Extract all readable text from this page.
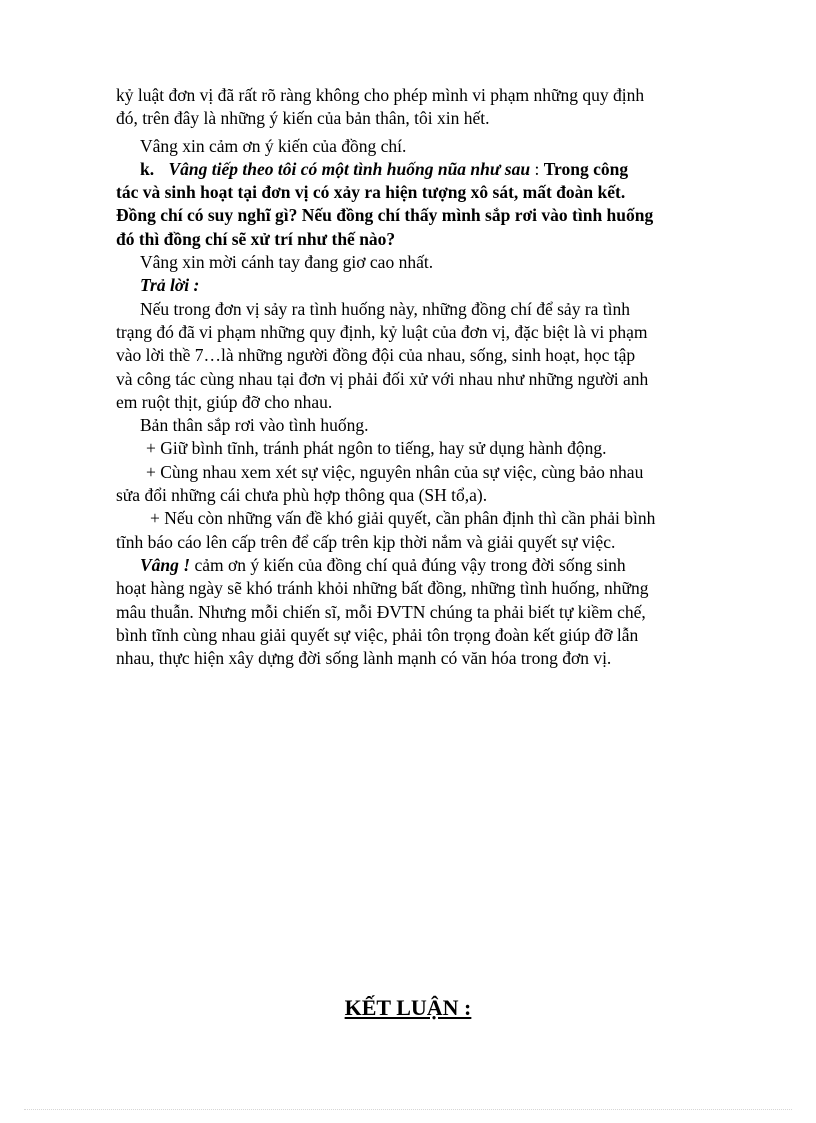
kỷ luật đơn vị đã rất rõ ràng không cho phép mình vi phạm những quy định
đó, trên đây là những ý kiến của bản thân, tôi xin hết.
Vâng xin cảm ơn ý kiến của đồng chí.
k. Vâng tiếp theo tôi có một tình huống nũa như sau : Trong công
tác và sinh hoạt tại đơn vị có xảy ra hiện tượng xô sát, mất đoàn kết.
Đồng chí có suy nghĩ gì? Nếu đồng chí thấy mình sắp rơi vào tình huống
đó thì đồng chí sẽ xử trí như thế nào?
Vâng xin mời cánh tay đang giơ cao nhất.
Trả lời :
Nếu trong đơn vị sảy ra tình huống này, những đồng chí để sảy ra tình
trạng đó đã vi phạm những quy định, kỷ luật của đơn vị, đặc biệt là vi phạm
vào lời thề 7…là những người đồng đội của nhau, sống, sinh hoạt, học tập
và công tác cùng nhau tại đơn vị phải đối xử với nhau như những người anh
em ruột thịt, giúp đỡ cho nhau.
Bản thân sắp rơi vào tình huống.
+ Giữ bình tĩnh, tránh phát ngôn to tiếng, hay sử dụng hành động.
+ Cùng nhau xem xét sự việc, nguyên nhân của sự việc, cùng bảo nhau
sửa đổi những cái chưa phù hợp thông qua (SH tổ,a).
+ Nếu còn những vấn đề khó giải quyết, cần phân định thì cần phải bình
tĩnh báo cáo lên cấp trên để cấp trên kịp thời nắm và giải quyết sự việc.
Vâng ! cảm ơn ý kiến của đồng chí quả đúng vậy trong đời sống sinh
hoạt hàng ngày sẽ khó tránh khỏi những bất đồng, những tình huống, những
mâu thuẫn. Nhưng mỗi chiến sĩ, mỗi ĐVTN chúng ta phải biết tự kiềm chế,
bình tĩnh cùng nhau giải quyết sự việc, phải tôn trọng đoàn kết giúp đỡ lẫn
nhau, thực hiện xây dựng đời sống lành mạnh có văn hóa trong đơn vị.
KẾT LUẬN :
